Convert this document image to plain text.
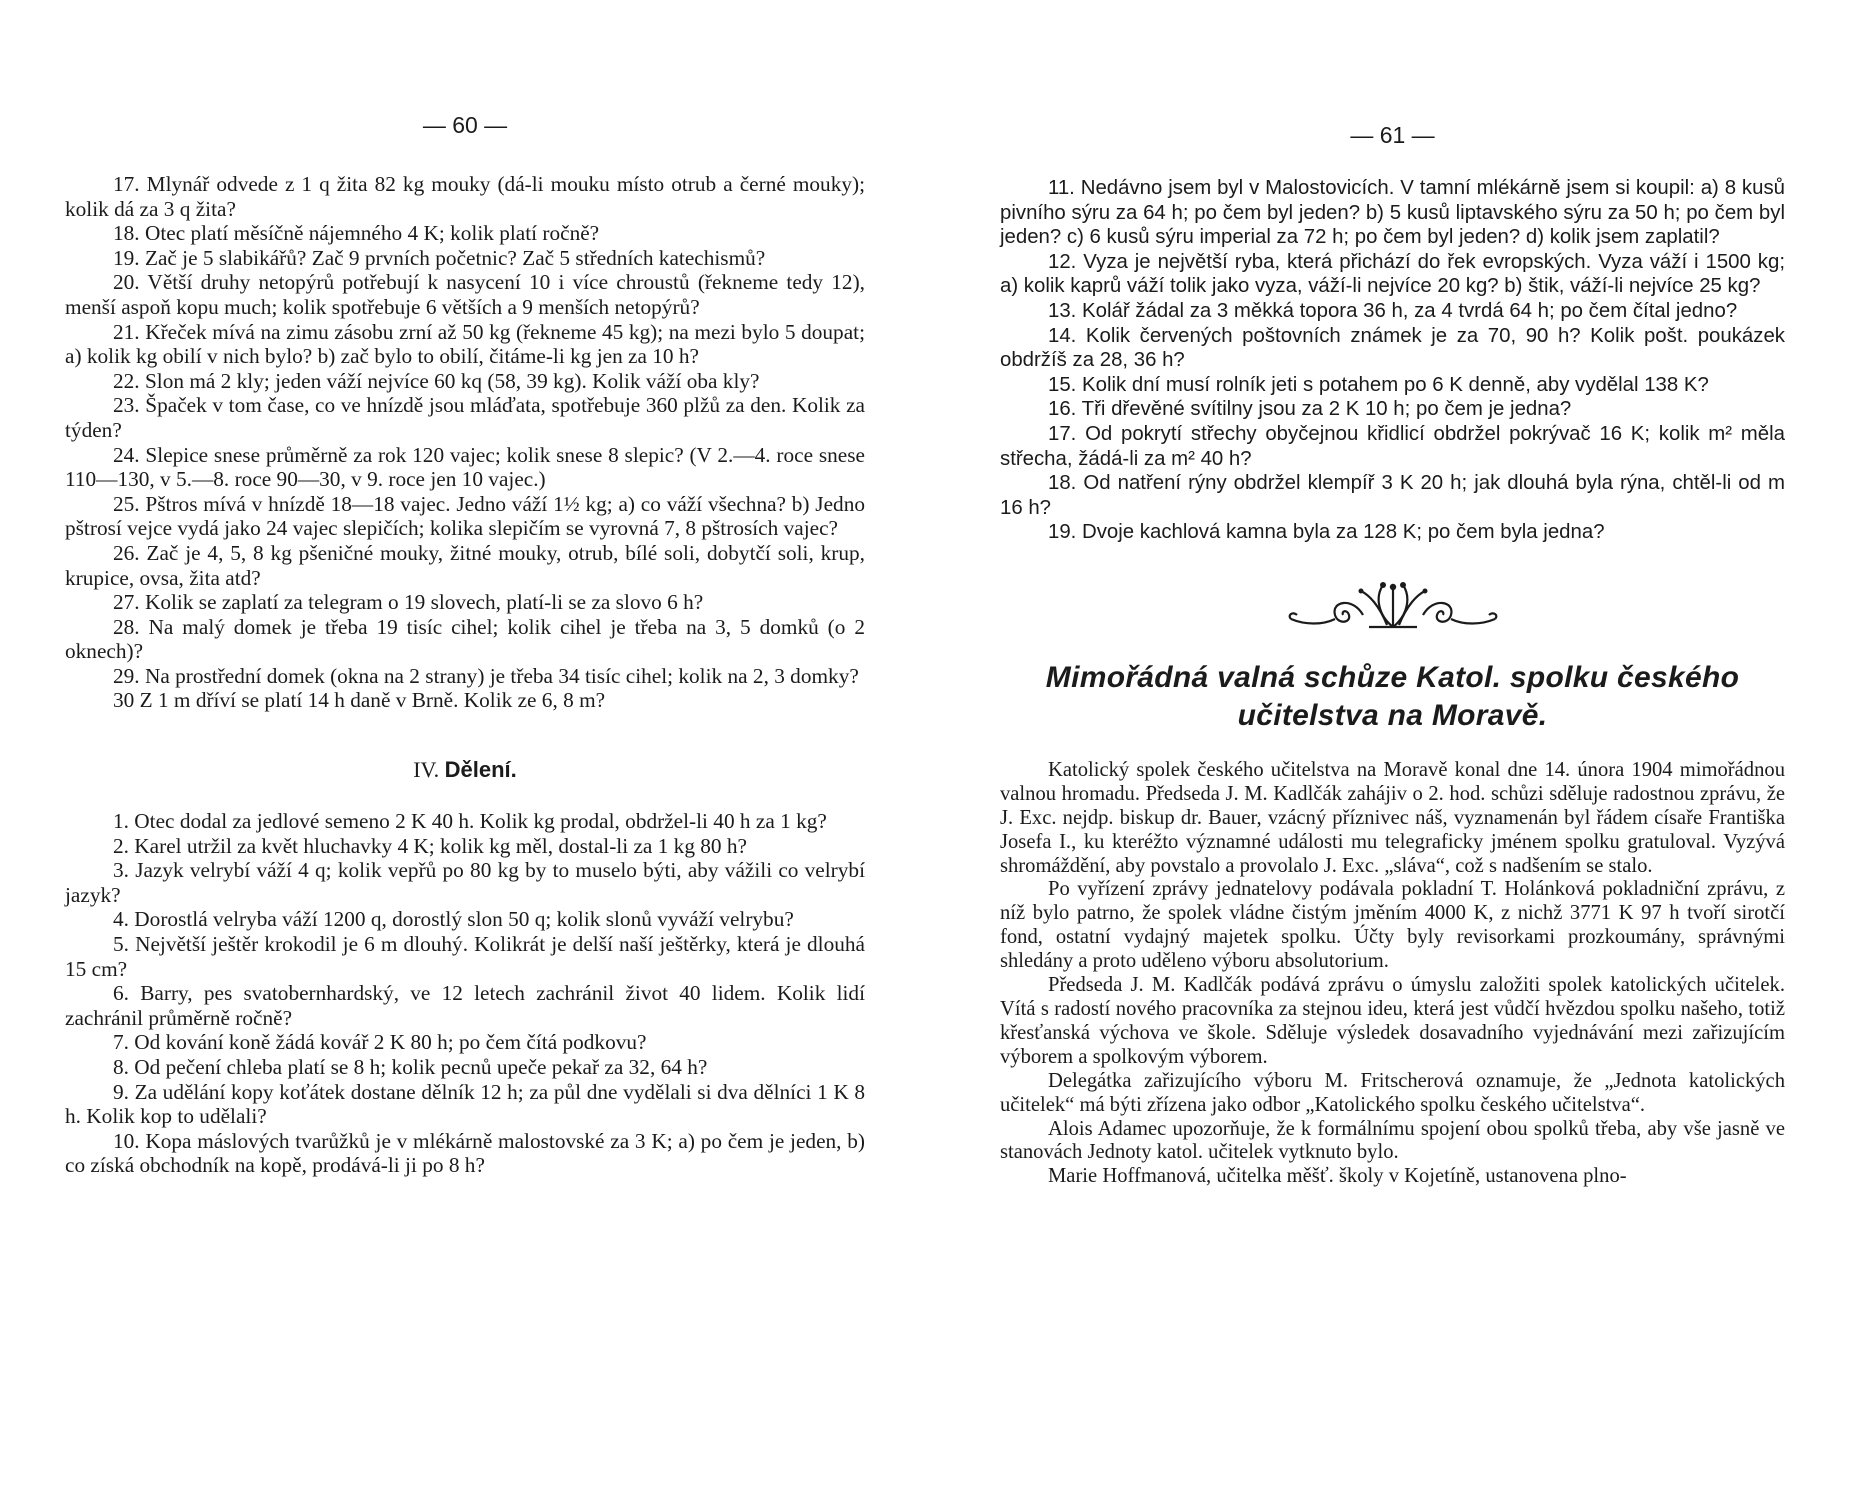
— 60 —

17. Mlynář odvede z 1 q žita 82 kg mouky (dá-li mouku místo otrub a černé mouky); kolik dá za 3 q žita?

18. Otec platí měsíčně nájemného 4 K; kolik platí ročně?

19. Zač je 5 slabikářů? Zač 9 prvních početnic? Zač 5 středních katechismů?

20. Větší druhy netopýrů potřebují k nasycení 10 i více chroustů (řekneme tedy 12), menší aspoň kopu much; kolik spotřebuje 6 větších a 9 menších netopýrů?

21. Křeček mívá na zimu zásobu zrní až 50 kg (řekneme 45 kg); na mezi bylo 5 doupat; a) kolik kg obilí v nich bylo? b) zač bylo to obilí, čitáme-li kg jen za 10 h?

22. Slon má 2 kly; jeden váží nejvíce 60 kq (58, 39 kg). Kolik váží oba kly?

23. Špaček v tom čase, co ve hnízdě jsou mláďata, spotřebuje 360 plžů za den. Kolik za týden?

24. Slepice snese průměrně za rok 120 vajec; kolik snese 8 slepic? (V 2.—4. roce snese 110—130, v 5.—8. roce 90—30, v 9. roce jen 10 vajec.)

25. Pštros mívá v hnízdě 18—18 vajec. Jedno váží 1½ kg; a) co váží všechna? b) Jedno pštrosí vejce vydá jako 24 vajec slepičích; kolika slepičím se vyrovná 7, 8 pštrosích vajec?

26. Zač je 4, 5, 8 kg pšeničné mouky, žitné mouky, otrub, bílé soli, dobytčí soli, krup, krupice, ovsa, žita atd?

27. Kolik se zaplatí za telegram o 19 slovech, platí-li se za slovo 6 h?

28. Na malý domek je třeba 19 tisíc cihel; kolik cihel je třeba na 3, 5 domků (o 2 oknech)?

29. Na prostřední domek (okna na 2 strany) je třeba 34 tisíc cihel; kolik na 2, 3 domky?

30 Z 1 m dříví se platí 14 h daně v Brně. Kolik ze 6, 8 m?

IV. Dělení.

1. Otec dodal za jedlové semeno 2 K 40 h. Kolik kg prodal, obdržel-li 40 h za 1 kg?

2. Karel utržil za květ hluchavky 4 K; kolik kg měl, dostal-li za 1 kg 80 h?

3. Jazyk velrybí váží 4 q; kolik vepřů po 80 kg by to muselo býti, aby vážili co velrybí jazyk?

4. Dorostlá velryba váží 1200 q, dorostlý slon 50 q; kolik slonů vyváží velrybu?

5. Největší ještěr krokodil je 6 m dlouhý. Kolikrát je delší naší ještěrky, která je dlouhá 15 cm?

6. Barry, pes svatobernhardský, ve 12 letech zachránil život 40 lidem. Kolik lidí zachránil průměrně ročně?

7. Od kování koně žádá kovář 2 K 80 h; po čem čítá podkovu?

8. Od pečení chleba platí se 8 h; kolik pecnů upeče pekař za 32, 64 h?

9. Za udělání kopy koťátek dostane dělník 12 h; za půl dne vydělali si dva dělníci 1 K 8 h. Kolik kop to udělali?

10. Kopa máslových tvarůžků je v mlékárně malostovské za 3 K; a) po čem je jeden, b) co získá obchodník na kopě, prodává-li ji po 8 h?

— 61 —

11. Nedávno jsem byl v Malostovicích. V tamní mlékárně jsem si koupil: a) 8 kusů pivního sýru za 64 h; po čem byl jeden? b) 5 kusů liptavského sýru za 50 h; po čem byl jeden? c) 6 kusů sýru imperial za 72 h; po čem byl jeden? d) kolik jsem zaplatil?

12. Vyza je největší ryba, která přichází do řek evropských. Vyza váží i 1500 kg; a) kolik kaprů váží tolik jako vyza, váží-li nejvíce 20 kg? b) štik, váží-li nejvíce 25 kg?

13. Kolář žádal za 3 měkká topora 36 h, za 4 tvrdá 64 h; po čem čítal jedno?

14. Kolik červených poštovních známek je za 70, 90 h? Kolik pošt. poukázek obdržíš za 28, 36 h?

15. Kolik dní musí rolník jeti s potahem po 6 K denně, aby vydělal 138 K?

16. Tři dřevěné svítilny jsou za 2 K 10 h; po čem je jedna?

17. Od pokrytí střechy obyčejnou křidlicí obdržel pokrývač 16 K; kolik m² měla střecha, žádá-li za m² 40 h?

18. Od natření rýny obdržel klempíř 3 K 20 h; jak dlouhá byla rýna, chtěl-li od m 16 h?

19. Dvoje kachlová kamna byla za 128 K; po čem byla jedna?

Mimořádná valná schůze Katol. spolku českého
učitelstva na Moravě.

Katolický spolek českého učitelstva na Moravě konal dne 14. února 1904 mimořádnou valnou hromadu. Předseda J. M. Kadlčák zahájiv o 2. hod. schůzi sděluje radostnou zprávu, že J. Exc. nejdp. biskup dr. Bauer, vzácný příznivec náš, vyznamenán byl řádem císaře Františka Josefa I., ku kteréžto významné události mu telegraficky jménem spolku gratuloval. Vyzývá shromáždění, aby povstalo a provolalo J. Exc. „sláva“, což s nadšením se stalo.

Po vyřízení zprávy jednatelovy podávala pokladní T. Holánková pokladniční zprávu, z níž bylo patrno, že spolek vládne čistým jměním 4000 K, z nichž 3771 K 97 h tvoří sirotčí fond, ostatní vydajný majetek spolku. Účty byly revisorkami prozkoumány, správnými shledány a proto uděleno výboru absolutorium.

Předseda J. M. Kadlčák podává zprávu o úmyslu založiti spolek katolických učitelek. Vítá s radostí nového pracovníka za stejnou ideu, která jest vůdčí hvězdou spolku našeho, totiž křesťanská výchova ve škole. Sděluje výsledek dosavadního vyjednávání mezi zařizujícím výborem a spolkovým výborem.

Delegátka zařizujícího výboru M. Fritscherová oznamuje, že „Jednota katolických učitelek“ má býti zřízena jako odbor „Katolického spolku českého učitelstva“.

Alois Adamec upozorňuje, že k formálnímu spojení obou spolků třeba, aby vše jasně ve stanovách Jednoty katol. učitelek vytknuto bylo.

Marie Hoffmanová, učitelka měšť. školy v Kojetíně, ustanovena plno-
